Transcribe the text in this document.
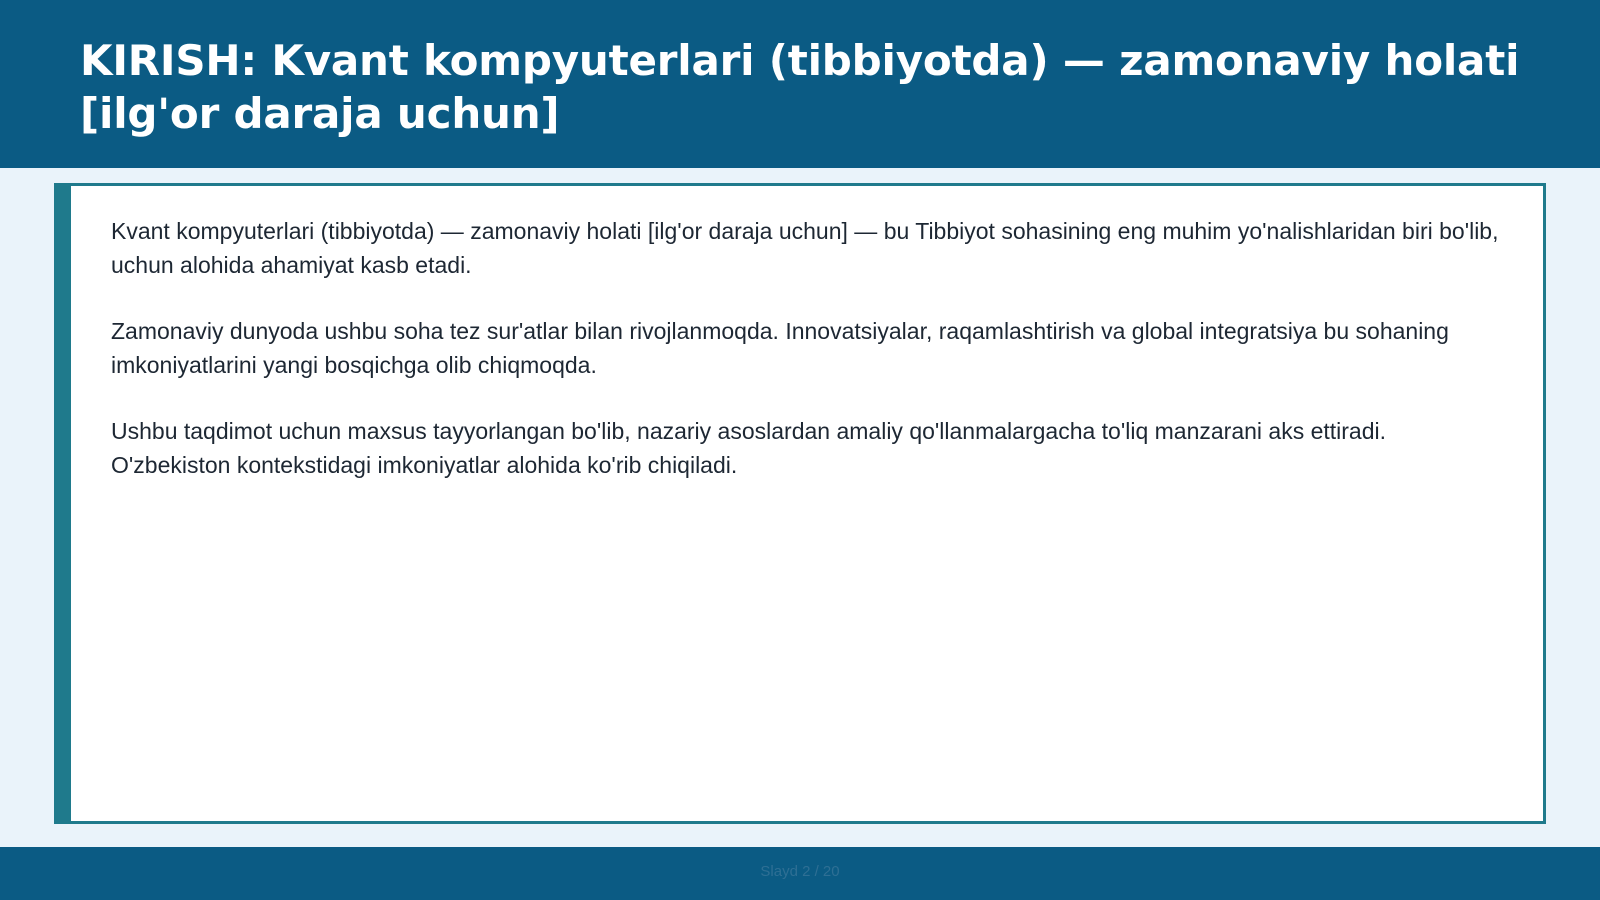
KIRISH: Kvant kompyuterlari (tibbiyotda) — zamonaviy holati [ilg'or daraja uchun]

Kvant kompyuterlari (tibbiyotda) — zamonaviy holati [ilg'or daraja uchun] — bu Tibbiyot sohasining eng muhim yo'nalishlaridan biri bo'lib, uchun alohida ahamiyat kasb etadi.

Zamonaviy dunyoda ushbu soha tez sur'atlar bilan rivojlanmoqda. Innovatsiyalar, raqamlashtirish va global integratsiya bu sohaning imkoniyatlarini yangi bosqichga olib chiqmoqda.

Ushbu taqdimot uchun maxsus tayyorlangan bo'lib, nazariy asoslardan amaliy qo'llanmalargacha to'liq manzarani aks ettiradi. O'zbekiston kontekstidagi imkoniyatlar alohida ko'rib chiqiladi.

Slayd 2 / 20
